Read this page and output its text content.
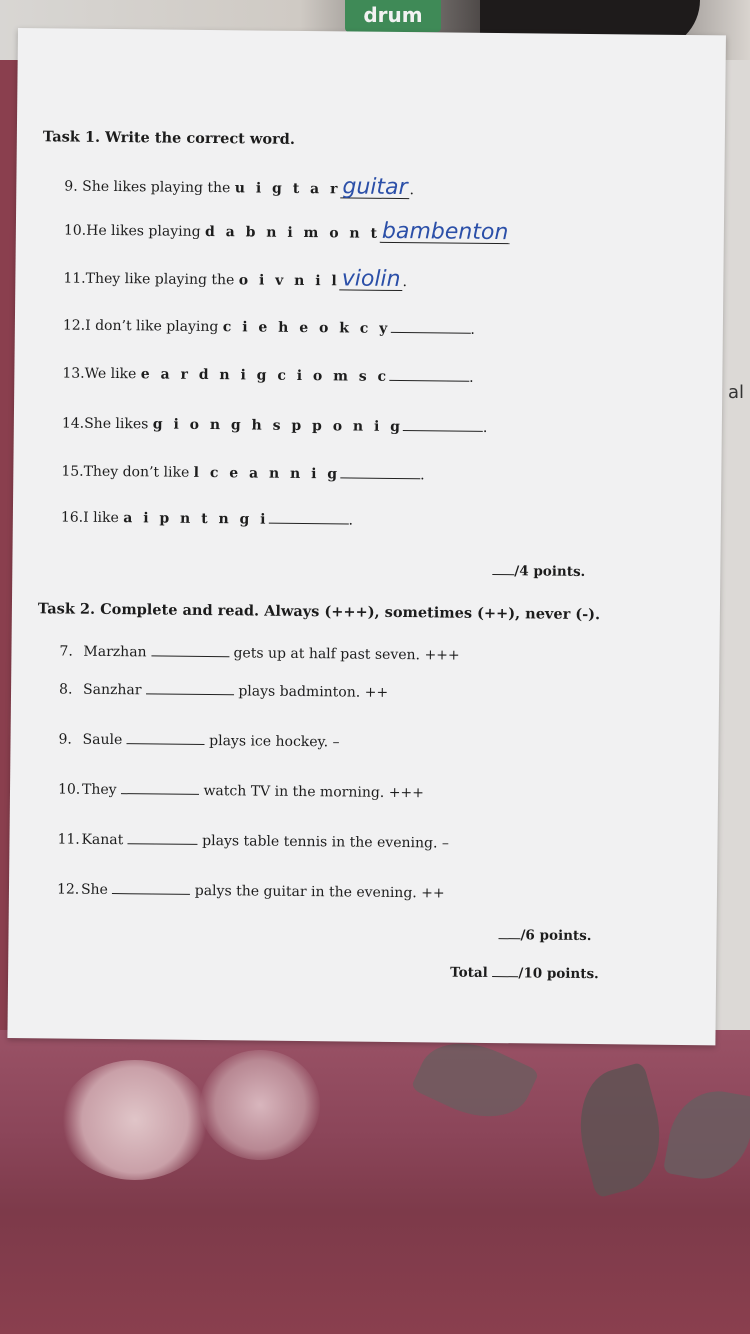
drum
al
Task 1. Write the correct word.
9. She likes playing the u i g t a rguitar .
10.He likes playing d a b n i m o n tbambenton
11.They like playing the o i v n i lviolin .
12.I don’t like playing c i e h e o k c y	.
13.We like e a r d n i g c i o m s c	.
14.She likes g i o n g h s p p o n i g	.
15.They don’t like l c e a n n i g	.
16.I like a i p n t n g i	.
/4 points.
Task 2. Complete and read. Always (+++), sometimes (++), never (-).
7. Marzhan	gets up at half past seven. +++
8. Sanzhar	plays badminton. ++
9. Saule	plays ice hockey. –
10. They	watch TV in the morning. +++
11. Kanat	plays table tennis in the evening. –
12. She	palys the guitar in the evening. ++
/6 points.
Total /10 points.
